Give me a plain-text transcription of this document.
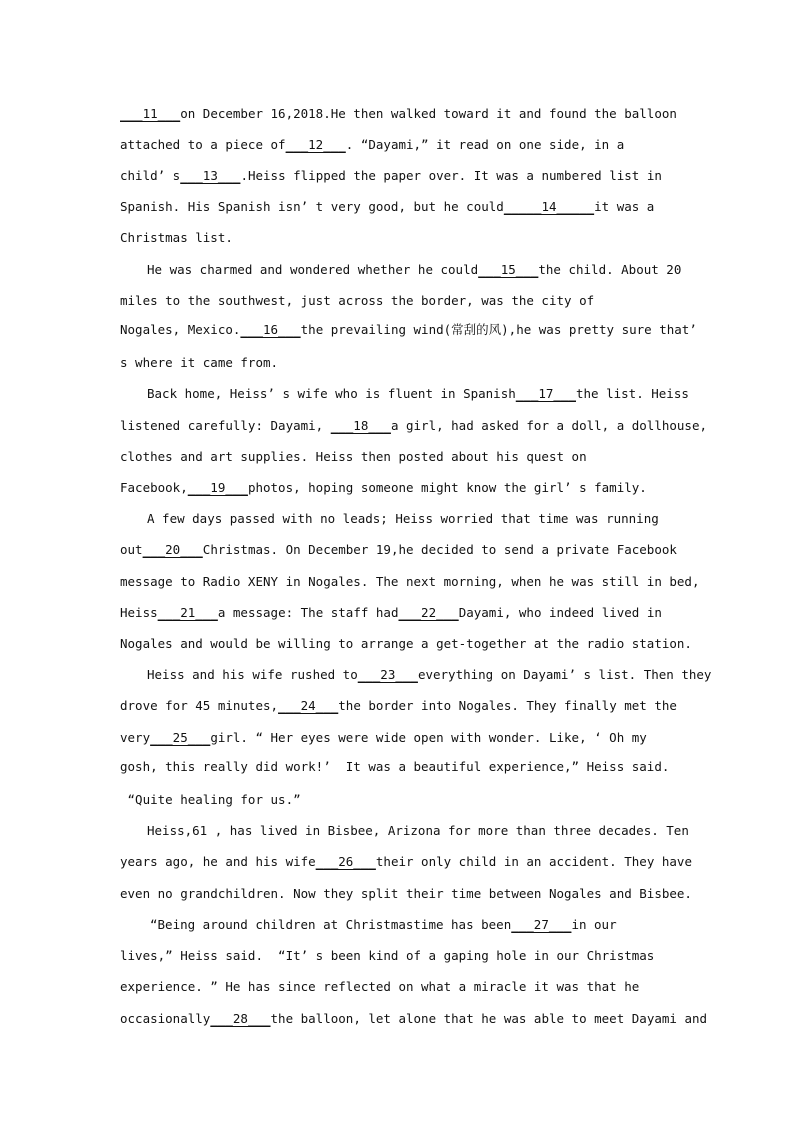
___11___on December 16,2018.He then walked toward it and found the balloon
attached to a piece of___12___. “Dayami,” it read on one side, in a
child’ s___13___.Heiss flipped the paper over. It was a numbered list in
Spanish. His Spanish isn’ t very good, but he could_____14_____it was a
Christmas list.
He was charmed and wondered whether he could___15___the child. About 20
miles to the southwest, just across the border, was the city of
Nogales, Mexico.___16___the prevailing wind(常刮的风),he was pretty sure that’
s where it came from.
Back home, Heiss’ s wife who is fluent in Spanish___17___the list. Heiss
listened carefully: Dayami, ___18___a girl, had asked for a doll, a dollhouse,
clothes and art supplies. Heiss then posted about his quest on
Facebook,___19___photos, hoping someone might know the girl’ s family.
A few days passed with no leads; Heiss worried that time was running
out___20___Christmas. On December 19,he decided to send a private Facebook
message to Radio XENY in Nogales. The next morning, when he was still in bed,
Heiss___21___a message: The staff had___22___Dayami, who indeed lived in
Nogales and would be willing to arrange a get-together at the radio station.
Heiss and his wife rushed to___23___everything on Dayami’ s list. Then they
drove for 45 minutes,___24___the border into Nogales. They finally met the
very___25___girl. “ Her eyes were wide open with wonder. Like, ‘ Oh my
gosh, this really did work!’  It was a beautiful experience,” Heiss said.
“Quite healing for us.”
Heiss,61 , has lived in Bisbee, Arizona for more than three decades. Ten
years ago, he and his wife___26___their only child in an accident. They have
even no grandchildren. Now they split their time between Nogales and Bisbee.
“Being around children at Christmastime has been___27___in our
lives,” Heiss said.  “It’ s been kind of a gaping hole in our Christmas
experience. ” He has since reflected on what a miracle it was that he
occasionally___28___the balloon, let alone that he was able to meet Dayami and
